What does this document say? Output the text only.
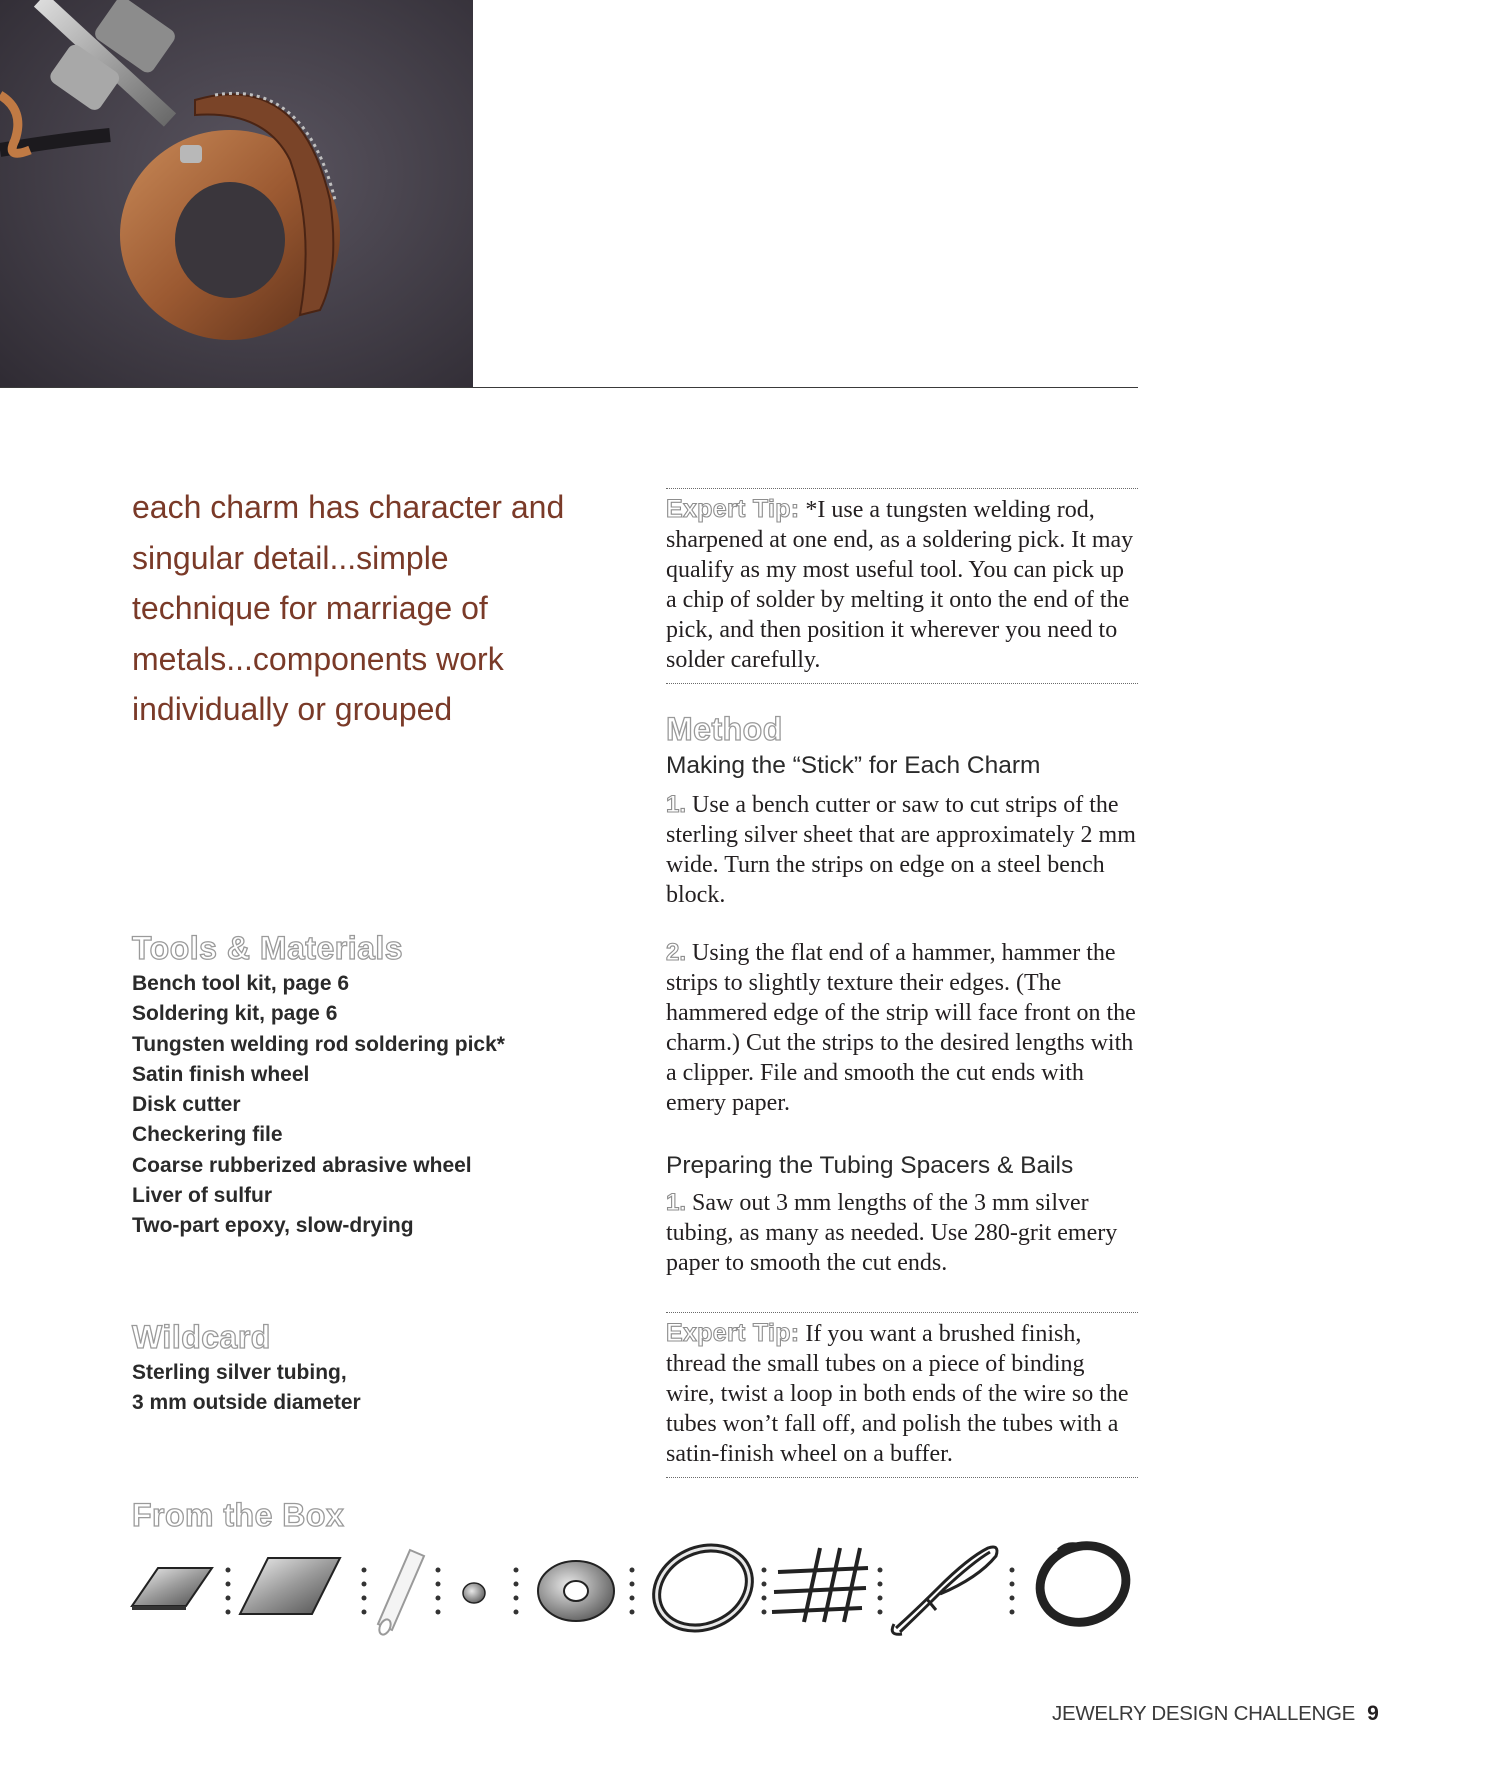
each charm has character and singular detail...simple technique for marriage of metals...components work individually or grouped
Tools & Materials
Bench tool kit, page 6
Soldering kit, page 6
Tungsten welding rod soldering pick*
Satin finish wheel
Disk cutter
Checkering file
Coarse rubberized abrasive wheel
Liver of sulfur
Two-part epoxy, slow-drying
Wildcard
Sterling silver tubing,
3 mm outside diameter
From the Box
Expert Tip: *I use a tungsten welding rod, sharpened at one end, as a soldering pick. It may qualify as my most useful tool. You can pick up a chip of solder by melting it onto the end of the pick, and then position it wherever you need to solder carefully.
Method
Making the “Stick” for Each Charm
1. Use a bench cutter or saw to cut strips of the sterling silver sheet that are approximately 2 mm wide. Turn the strips on edge on a steel bench block.
2. Using the flat end of a hammer, hammer the strips to slightly texture their edges. (The hammered edge of the strip will face front on the charm.) Cut the strips to the desired lengths with a clipper. File and smooth the cut ends with emery paper.
Preparing the Tubing Spacers & Bails
1. Saw out 3 mm lengths of the 3 mm silver tubing, as many as needed. Use 280-grit emery paper to smooth the cut ends.
Expert Tip: If you want a brushed finish, thread the small tubes on a piece of binding wire, twist a loop in both ends of the wire so the tubes won’t fall off, and polish the tubes with a satin-finish wheel on a buffer.
JEWELRY DESIGN CHALLENGE 9
